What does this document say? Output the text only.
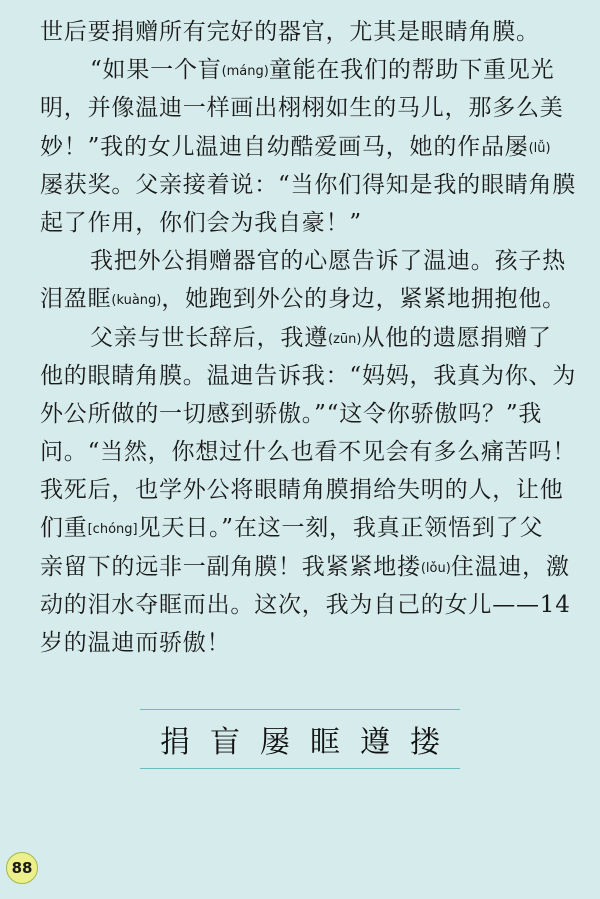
世后要捐赠所有完好的器官，尤其是眼睛角膜。
“如果一个盲(máng)童能在我们的帮助下重见光
明，并像温迪一样画出栩栩如生的马儿，那多么美
妙！”我的女儿温迪自幼酷爱画马，她的作品屡(lǚ)
屡获奖。父亲接着说：“当你们得知是我的眼睛角膜
起了作用，你们会为我自豪！”
我把外公捐赠器官的心愿告诉了温迪。孩子热
泪盈眶(kuàng)，她跑到外公的身边，紧紧地拥抱他。
父亲与世长辞后，我遵(zūn)从他的遗愿捐赠了
他的眼睛角膜。温迪告诉我：“妈妈，我真为你、为
外公所做的一切感到骄傲。”“这令你骄傲吗？”我
问。“当然，你想过什么也看不见会有多么痛苦吗！
我死后，也学外公将眼睛角膜捐给失明的人，让他
们重[chóng]见天日。”在这一刻，我真正领悟到了父
亲留下的远非一副角膜！我紧紧地搂(lǒu)住温迪，激
动的泪水夺眶而出。这次，我为自己的女儿——14
岁的温迪而骄傲！
捐 盲 屡 眶 遵 搂
88
